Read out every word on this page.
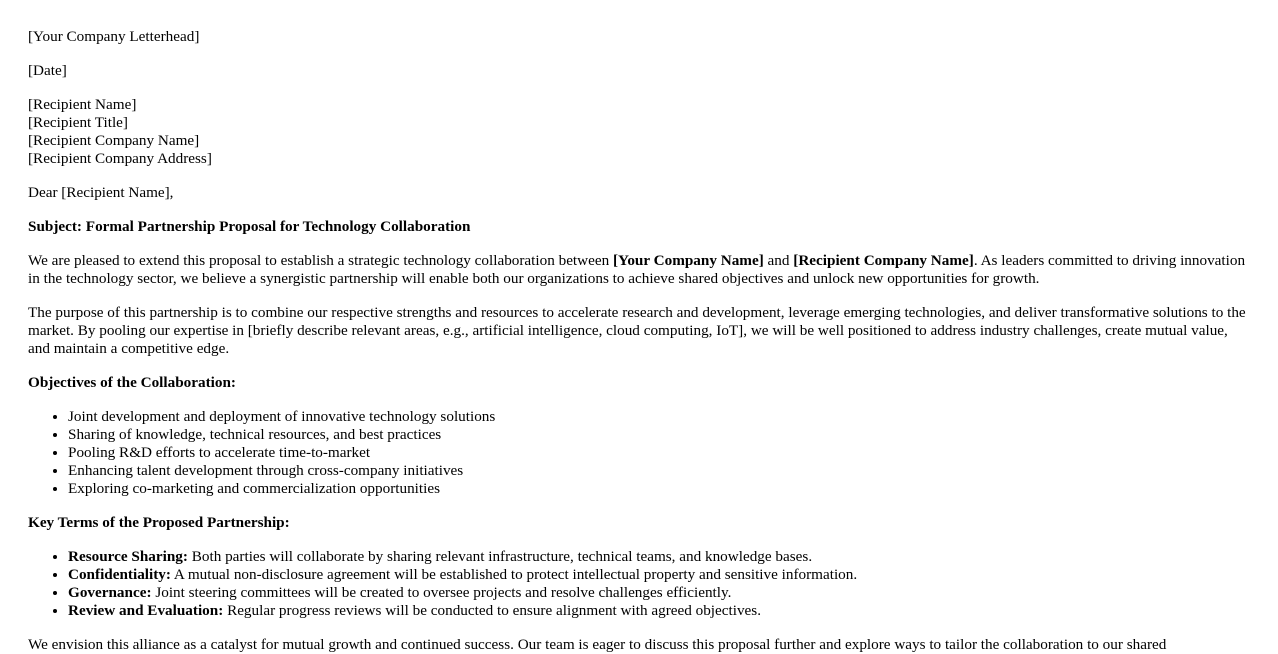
[Your Company Letterhead]

[Date]

[Recipient Name]
[Recipient Title]
[Recipient Company Name]
[Recipient Company Address]

Dear [Recipient Name],

Subject: Formal Partnership Proposal for Technology Collaboration

We are pleased to extend this proposal to establish a strategic technology collaboration between [Your Company Name] and [Recipient Company Name]. As leaders committed to driving innovation in the technology sector, we believe a synergistic partnership will enable both our organizations to achieve shared objectives and unlock new opportunities for growth.

The purpose of this partnership is to combine our respective strengths and resources to accelerate research and development, leverage emerging technologies, and deliver transformative solutions to the market. By pooling our expertise in [briefly describe relevant areas, e.g., artificial intelligence, cloud computing, IoT], we will be well positioned to address industry challenges, create mutual value, and maintain a competitive edge.

Objectives of the Collaboration:

• Joint development and deployment of innovative technology solutions
• Sharing of knowledge, technical resources, and best practices
• Pooling R&D efforts to accelerate time-to-market
• Enhancing talent development through cross-company initiatives
• Exploring co-marketing and commercialization opportunities

Key Terms of the Proposed Partnership:

• Resource Sharing: Both parties will collaborate by sharing relevant infrastructure, technical teams, and knowledge bases.
• Confidentiality: A mutual non-disclosure agreement will be established to protect intellectual property and sensitive information.
• Governance: Joint steering committees will be created to oversee projects and resolve challenges efficiently.
• Review and Evaluation: Regular progress reviews will be conducted to ensure alignment with agreed objectives.

We envision this alliance as a catalyst for mutual growth and continued success. Our team is eager to discuss this proposal further and explore ways to tailor the collaboration to our shared
